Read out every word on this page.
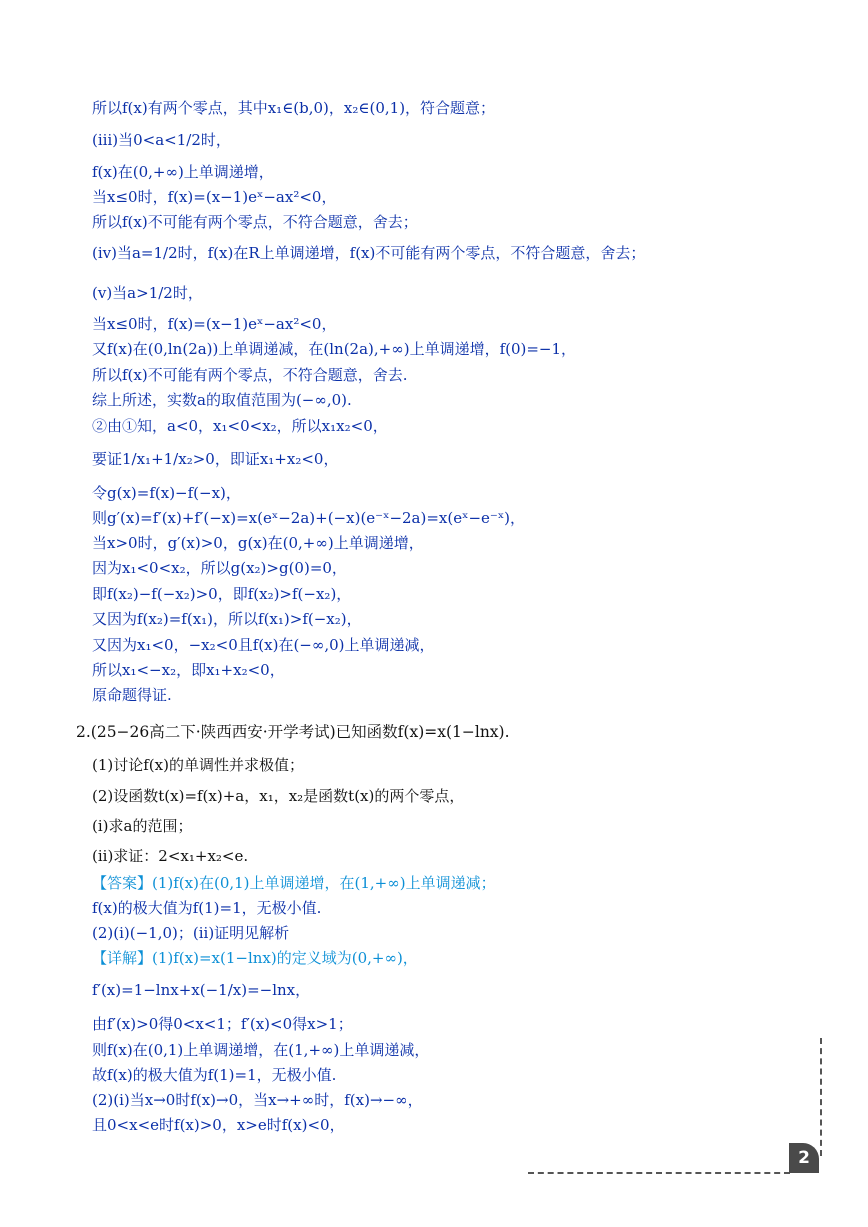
所以f(x)有两个零点，其中x₁∈(b,0)，x₂∈(0,1)，符合题意；
(ⅲ)当0<a<1/2时，
f(x)在(0,+∞)上单调递增，
当x≤0时，f(x)=(x−1)eˣ−ax²<0，
所以f(x)不可能有两个零点，不符合题意，舍去；
(ⅳ)当a=1/2时，f(x)在R上单调递增，f(x)不可能有两个零点，不符合题意，舍去；
(ⅴ)当a>1/2时，
当x≤0时，f(x)=(x−1)eˣ−ax²<0，
又f(x)在(0,ln(2a))上单调递减，在(ln(2a),+∞)上单调递增，f(0)=−1，
所以f(x)不可能有两个零点，不符合题意，舍去.
综上所述，实数a的取值范围为(−∞,0).
②由①知，a<0，x₁<0<x₂，所以x₁x₂<0，
要证1/x₁+1/x₂>0，即证x₁+x₂<0，
令g(x)=f(x)−f(−x)，
则g′(x)=f′(x)+f′(−x)=x(eˣ−2a)+(−x)(e⁻ˣ−2a)=x(eˣ−e⁻ˣ)，
当x>0时，g′(x)>0，g(x)在(0,+∞)上单调递增，
因为x₁<0<x₂，所以g(x₂)>g(0)=0，
即f(x₂)−f(−x₂)>0，即f(x₂)>f(−x₂)，
又因为f(x₂)=f(x₁)，所以f(x₁)>f(−x₂)，
又因为x₁<0，−x₂<0且f(x)在(−∞,0)上单调递减，
所以x₁<−x₂，即x₁+x₂<0，
原命题得证.
2.(25−26高二下·陕西西安·开学考试)已知函数f(x)=x(1−lnx).
(1)讨论f(x)的单调性并求极值；
(2)设函数t(x)=f(x)+a，x₁，x₂是函数t(x)的两个零点，
(i)求a的范围；
(ii)求证：2<x₁+x₂<e.
【答案】(1)f(x)在(0,1)上单调递增，在(1,+∞)上单调递减；
f(x)的极大值为f(1)=1，无极小值.
(2)(i)(−1,0)；(ii)证明见解析
【详解】(1)f(x)=x(1−lnx)的定义域为(0,+∞)，
f′(x)=1−lnx+x(−1/x)=−lnx，
由f′(x)>0得0<x<1；f′(x)<0得x>1；
则f(x)在(0,1)上单调递增，在(1,+∞)上单调递减，
故f(x)的极大值为f(1)=1，无极小值.
(2)(i)当x→0时f(x)→0，当x→+∞时，f(x)→−∞，
且0<x<e时f(x)>0，x>e时f(x)<0，
2
